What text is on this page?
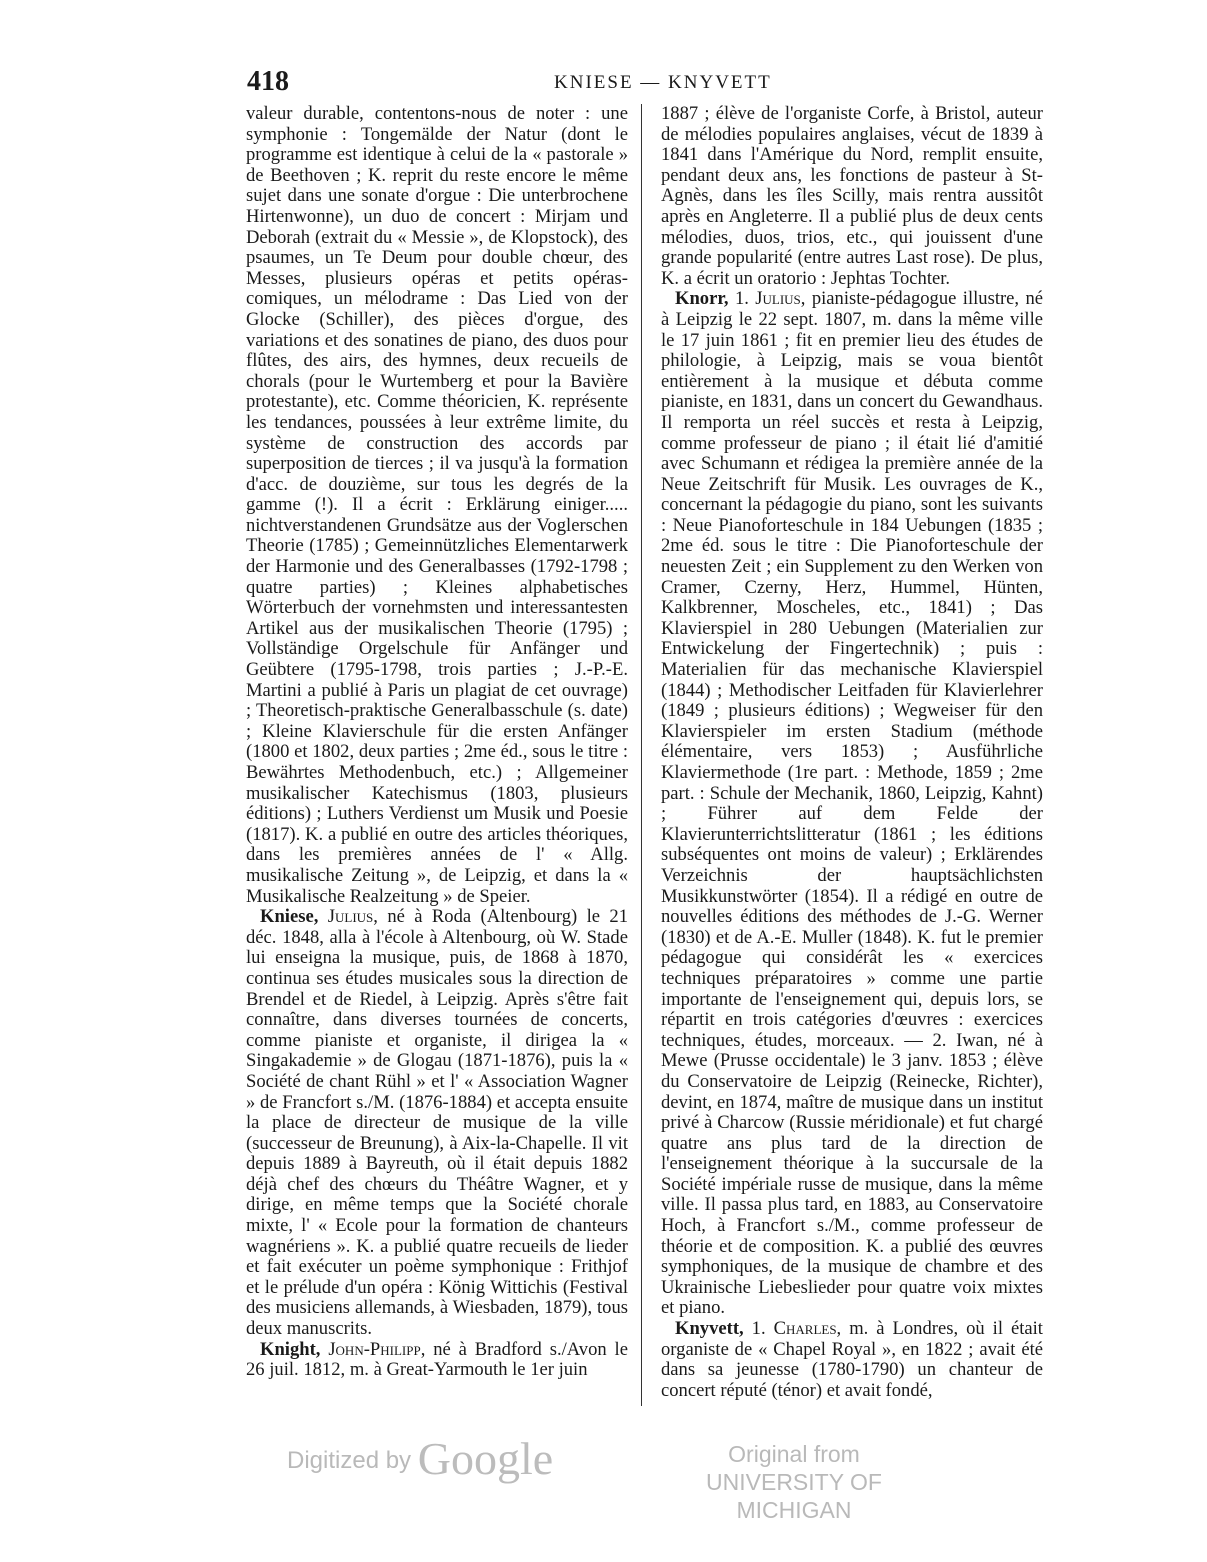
418	KNIESE — KNYVETT

valeur durable, contentons-nous de noter : une symphonie : Tongemälde der Natur (dont le programme est identique à celui de la « pastorale » de Beethoven ; K. reprit du reste encore le même sujet dans une sonate d'orgue : Die unterbrochene Hirtenwonne), un duo de concert : Mirjam und Deborah (extrait du « Messie », de Klopstock), des psaumes, un Te Deum pour double chœur, des Messes, plusieurs opéras et petits opéras-comiques, un mélodrame : Das Lied von der Glocke (Schiller), des pièces d'orgue, des variations et des sonatines de piano, des duos pour flûtes, des airs, des hymnes, deux recueils de chorals (pour le Wurtemberg et pour la Bavière protestante), etc. Comme théoricien, K. représente les tendances, poussées à leur extrême limite, du système de construction des accords par superposition de tierces ; il va jusqu'à la formation d'acc. de douzième, sur tous les degrés de la gamme (!). Il a écrit : Erklärung einiger..... nichtverstandenen Grundsätze aus der Voglerschen Theorie (1785) ; Gemeinnützliches Elementarwerk der Harmonie und des Generalbasses (1792-1798 ; quatre parties) ; Kleines alphabetisches Wörterbuch der vornehmsten und interessantesten Artikel aus der musikalischen Theorie (1795) ; Vollständige Orgelschule für Anfänger und Geübtere (1795-1798, trois parties ; J.-P.-E. Martini a publié à Paris un plagiat de cet ouvrage) ; Theoretisch-praktische Generalbasschule (s. date) ; Kleine Klavierschule für die ersten Anfänger (1800 et 1802, deux parties ; 2me éd., sous le titre : Bewährtes Methodenbuch, etc.) ; Allgemeiner musikalischer Katechismus (1803, plusieurs éditions) ; Luthers Verdienst um Musik und Poesie (1817). K. a publié en outre des articles théoriques, dans les premières années de l' « Allg. musikalische Zeitung », de Leipzig, et dans la « Musikalische Realzeitung » de Speier.

Kniese, Julius, né à Roda (Altenbourg) le 21 déc. 1848, alla à l'école à Altenbourg, où W. Stade lui enseigna la musique, puis, de 1868 à 1870, continua ses études musicales sous la direction de Brendel et de Riedel, à Leipzig. Après s'être fait connaître, dans diverses tournées de concerts, comme pianiste et organiste, il dirigea la « Singakademie » de Glogau (1871-1876), puis la « Société de chant Rühl » et l' « Association Wagner » de Francfort s./M. (1876-1884) et accepta ensuite la place de directeur de musique de la ville (successeur de Breunung), à Aix-la-Chapelle. Il vit depuis 1889 à Bayreuth, où il était depuis 1882 déjà chef des chœurs du Théâtre Wagner, et y dirige, en même temps que la Société chorale mixte, l' « Ecole pour la formation de chanteurs wagnériens ». K. a publié quatre recueils de lieder et fait exécuter un poème symphonique : Frithjof et le prélude d'un opéra : König Wittichis (Festival des musiciens allemands, à Wiesbaden, 1879), tous deux manuscrits.

Knight, John-Philipp, né à Bradford s./Avon le 26 juil. 1812, m. à Great-Yarmouth le 1er juin

1887 ; élève de l'organiste Corfe, à Bristol, auteur de mélodies populaires anglaises, vécut de 1839 à 1841 dans l'Amérique du Nord, remplit ensuite, pendant deux ans, les fonctions de pasteur à St-Agnès, dans les îles Scilly, mais rentra aussitôt après en Angleterre. Il a publié plus de deux cents mélodies, duos, trios, etc., qui jouissent d'une grande popularité (entre autres Last rose). De plus, K. a écrit un oratorio : Jephtas Tochter.

Knorr, 1. Julius, pianiste-pédagogue illustre, né à Leipzig le 22 sept. 1807, m. dans la même ville le 17 juin 1861 ; fit en premier lieu des études de philologie, à Leipzig, mais se voua bientôt entièrement à la musique et débuta comme pianiste, en 1831, dans un concert du Gewandhaus. Il remporta un réel succès et resta à Leipzig, comme professeur de piano ; il était lié d'amitié avec Schumann et rédigea la première année de la Neue Zeitschrift für Musik. Les ouvrages de K., concernant la pédagogie du piano, sont les suivants : Neue Pianoforteschule in 184 Uebungen (1835 ; 2me éd. sous le titre : Die Pianoforteschule der neuesten Zeit ; ein Supplement zu den Werken von Cramer, Czerny, Herz, Hummel, Hünten, Kalkbrenner, Moscheles, etc., 1841) ; Das Klavierspiel in 280 Uebungen (Materialien zur Entwickelung der Fingertechnik) ; puis : Materialien für das mechanische Klavierspiel (1844) ; Methodischer Leitfaden für Klavierlehrer (1849 ; plusieurs éditions) ; Wegweiser für den Klavierspieler im ersten Stadium (méthode élémentaire, vers 1853) ; Ausführliche Klaviermethode (1re part. : Methode, 1859 ; 2me part. : Schule der Mechanik, 1860, Leipzig, Kahnt) ; Führer auf dem Felde der Klavierunterrichtslitteratur (1861 ; les éditions subséquentes ont moins de valeur) ; Erklärendes Verzeichnis der hauptsächlichsten Musikkunstwörter (1854). Il a rédigé en outre de nouvelles éditions des méthodes de J.-G. Werner (1830) et de A.-E. Muller (1848). K. fut le premier pédagogue qui considérât les « exercices techniques préparatoires » comme une partie importante de l'enseignement qui, depuis lors, se répartit en trois catégories d'œuvres : exercices techniques, études, morceaux. — 2. Iwan, né à Mewe (Prusse occidentale) le 3 janv. 1853 ; élève du Conservatoire de Leipzig (Reinecke, Richter), devint, en 1874, maître de musique dans un institut privé à Charcow (Russie méridionale) et fut chargé quatre ans plus tard de la direction de l'enseignement théorique à la succursale de la Société impériale russe de musique, dans la même ville. Il passa plus tard, en 1883, au Conservatoire Hoch, à Francfort s./M., comme professeur de théorie et de composition. K. a publié des œuvres symphoniques, de la musique de chambre et des Ukrainische Liebeslieder pour quatre voix mixtes et piano.

Knyvett, 1. Charles, m. à Londres, où il était organiste de « Chapel Royal », en 1822 ; avait été dans sa jeunesse (1780-1790) un chanteur de concert réputé (ténor) et avait fondé,

Digitized by Google	Original from
UNIVERSITY OF MICHIGAN
